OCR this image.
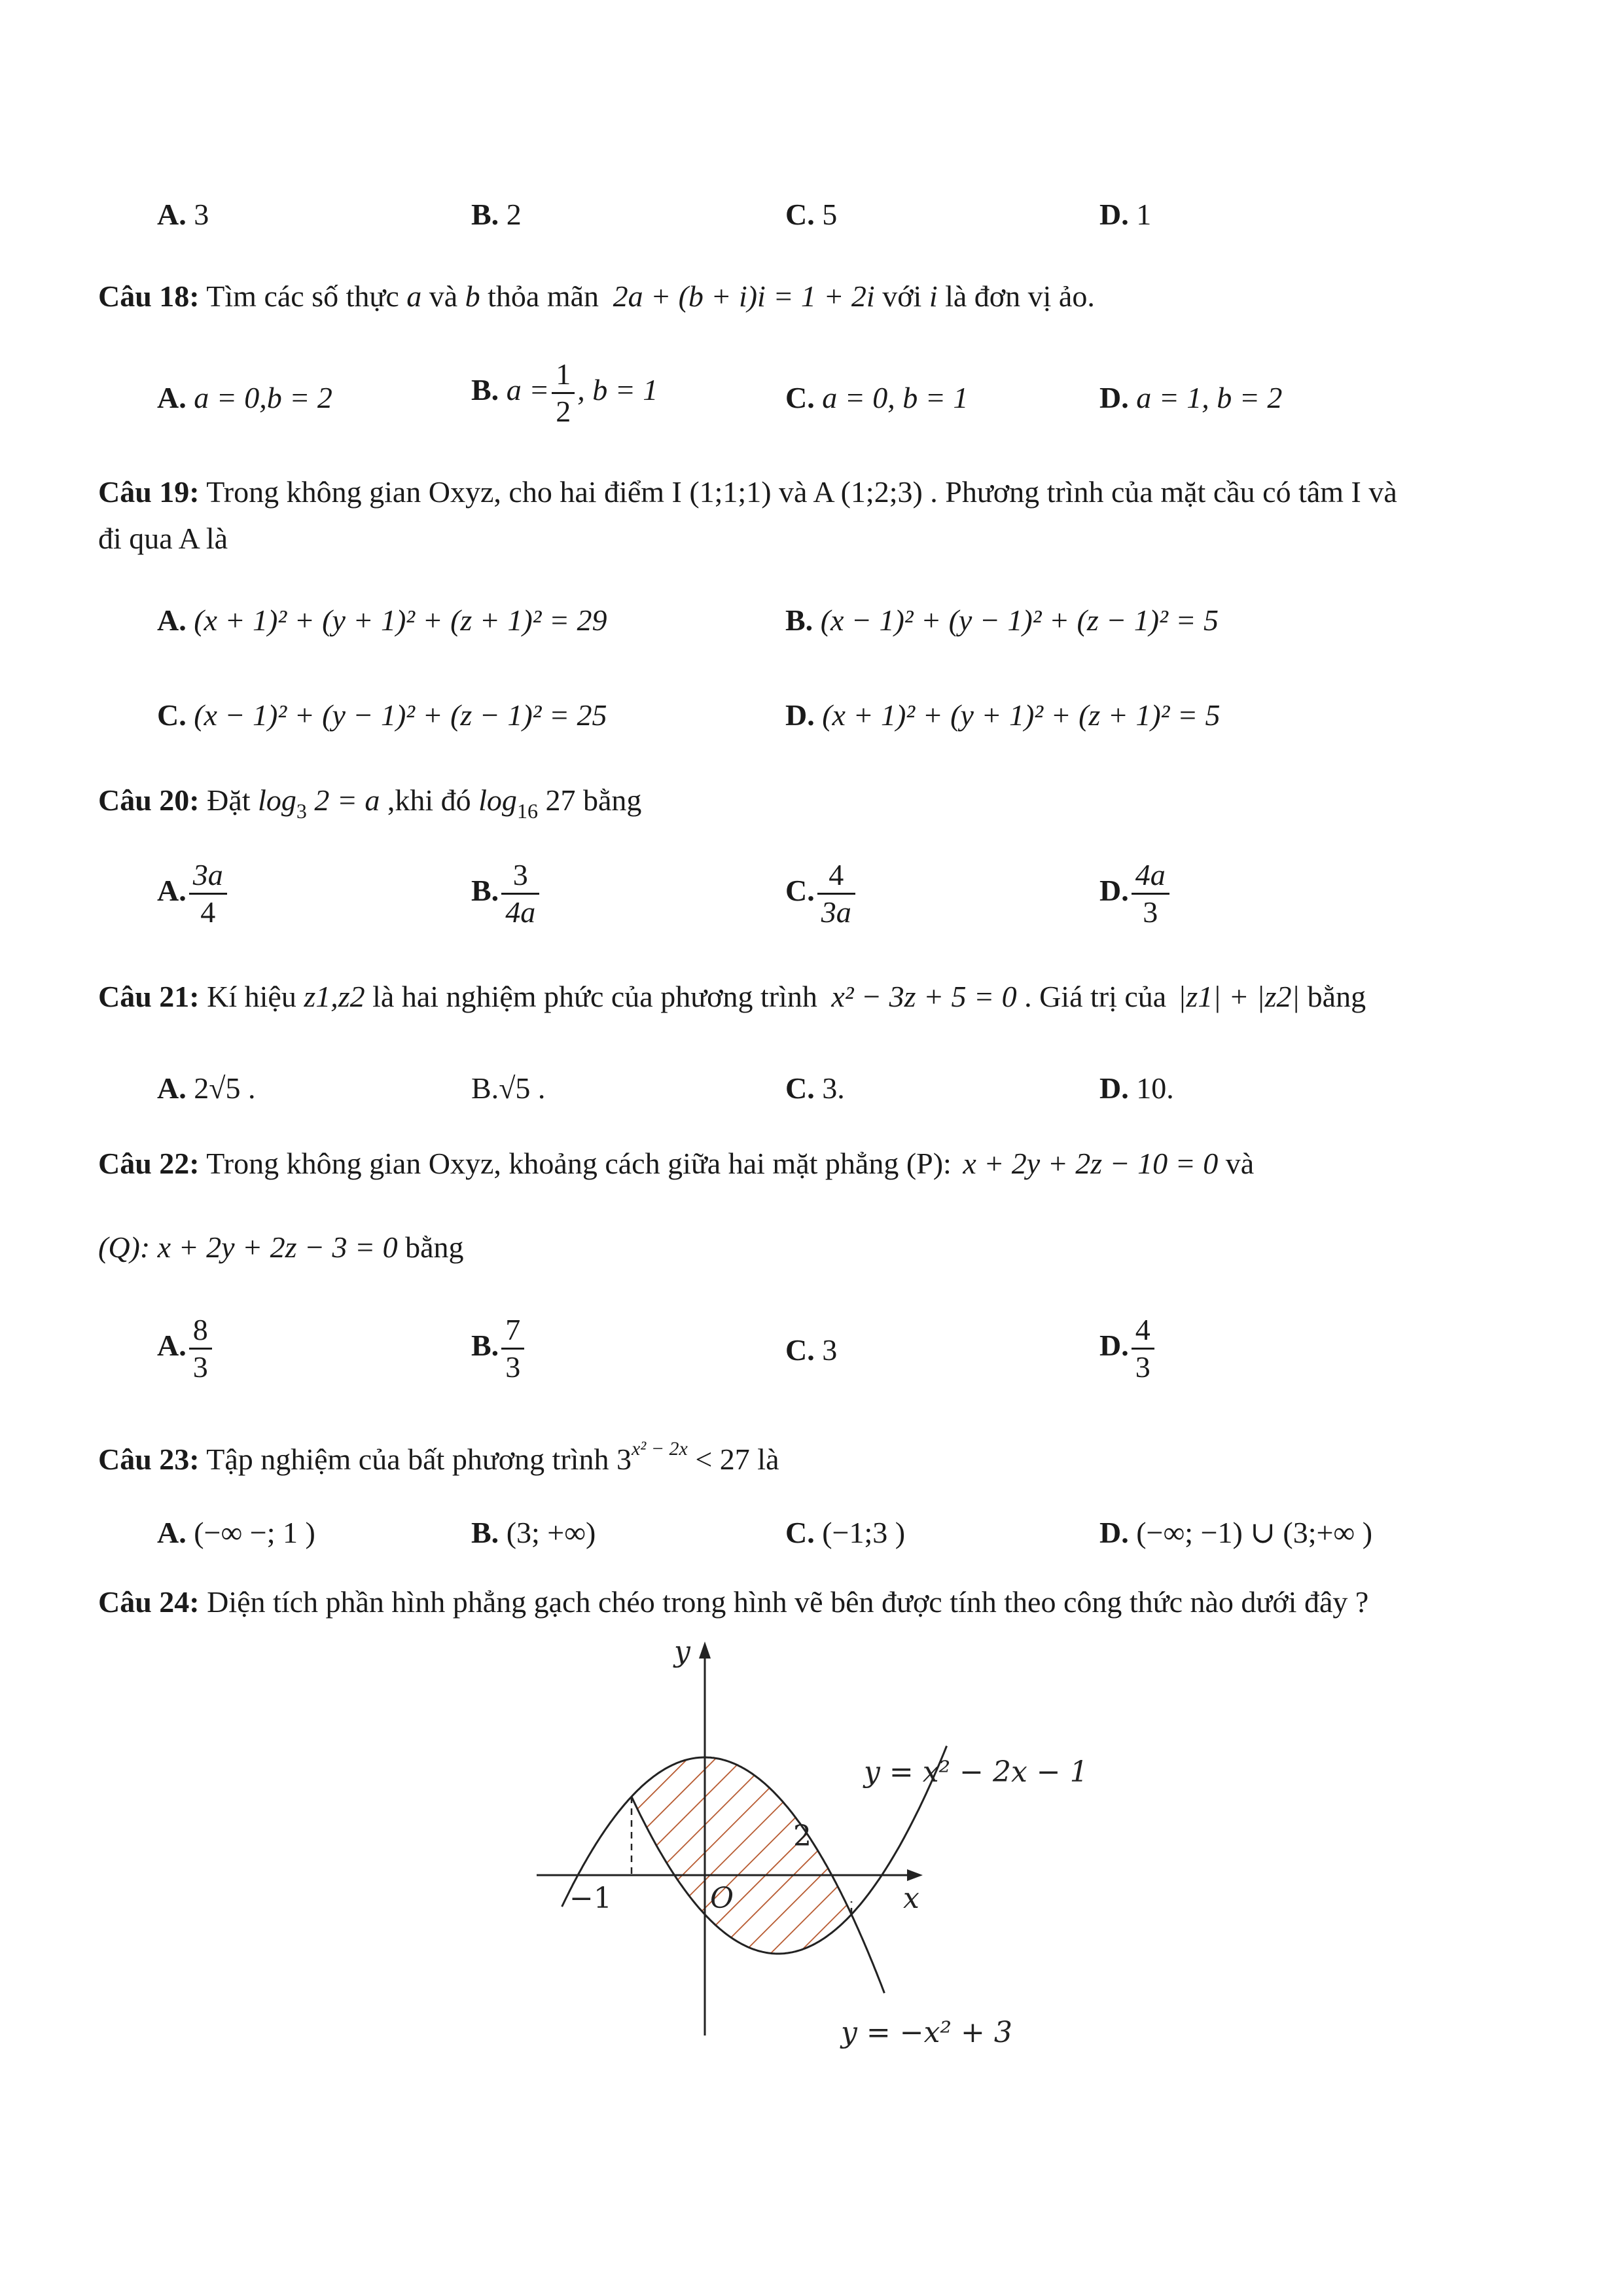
A. 3	B. 2	C. 5	D. 1
Câu 18: Tìm các số thực a và b thỏa mãn 2a + (b + i)i = 1 + 2i với i là đơn vị ảo.
A. a = 0,b = 2	B. $a = \frac{1}{2}$ , b = 1	C. a = 0, b = 1	D. a = 1, b = 2
Câu 19: Trong không gian Oxyz, cho hai điểm I (1;1;1) và A (1;2;3) . Phương trình của mặt cầu có tâm I và
đi qua A là
A. (x + 1)² + (y + 1)² + (z + 1)² = 29	B. (x − 1)² + (y − 1)² + (z − 1)² = 5
C. (x − 1)² + (y − 1)² + (z − 1)² = 25	D. (x + 1)² + (y + 1)² + (z + 1)² = 5
Câu 20: Đặt $\log_3 2 = a$ ,khi đó $\log_{16} 27$ bằng
A. $\frac{3a}{4}$	B. $\frac{3}{4a}$	C. $\frac{4}{3a}$	D. $\frac{4a}{3}$
Câu 21: Kí hiệu z1,z2 là hai nghiệm phức của phương trình x² − 3z + 5 = 0 . Giá trị của |z1| + |z2| bằng
A. 2√5 .	B.√5 .	C. 3.	D. 10.
Câu 22: Trong không gian Oxyz, khoảng cách giữa hai mặt phẳng (P): x + 2y + 2z − 10 = 0 và
(Q): x + 2y + 2z − 3 = 0 bằng
A. $\frac{8}{3}$	B. $\frac{7}{3}$	C. 3	D. $\frac{4}{3}$
Câu 23: Tập nghiệm của bất phương trình $3^{x^2 - 2x} < 27$ là
A. (−∞ −; 1 )	B. (3; +∞)	C. (−1;3 )	D. (−∞; −1) ∪ (3;+∞ )
Câu 24: Diện tích phần hình phẳng gạch chéo trong hình vẽ bên được tính theo công thức nào dưới đây ?
y
x
O
−1
2
y = x² − 2x − 1
y = −x² + 3
